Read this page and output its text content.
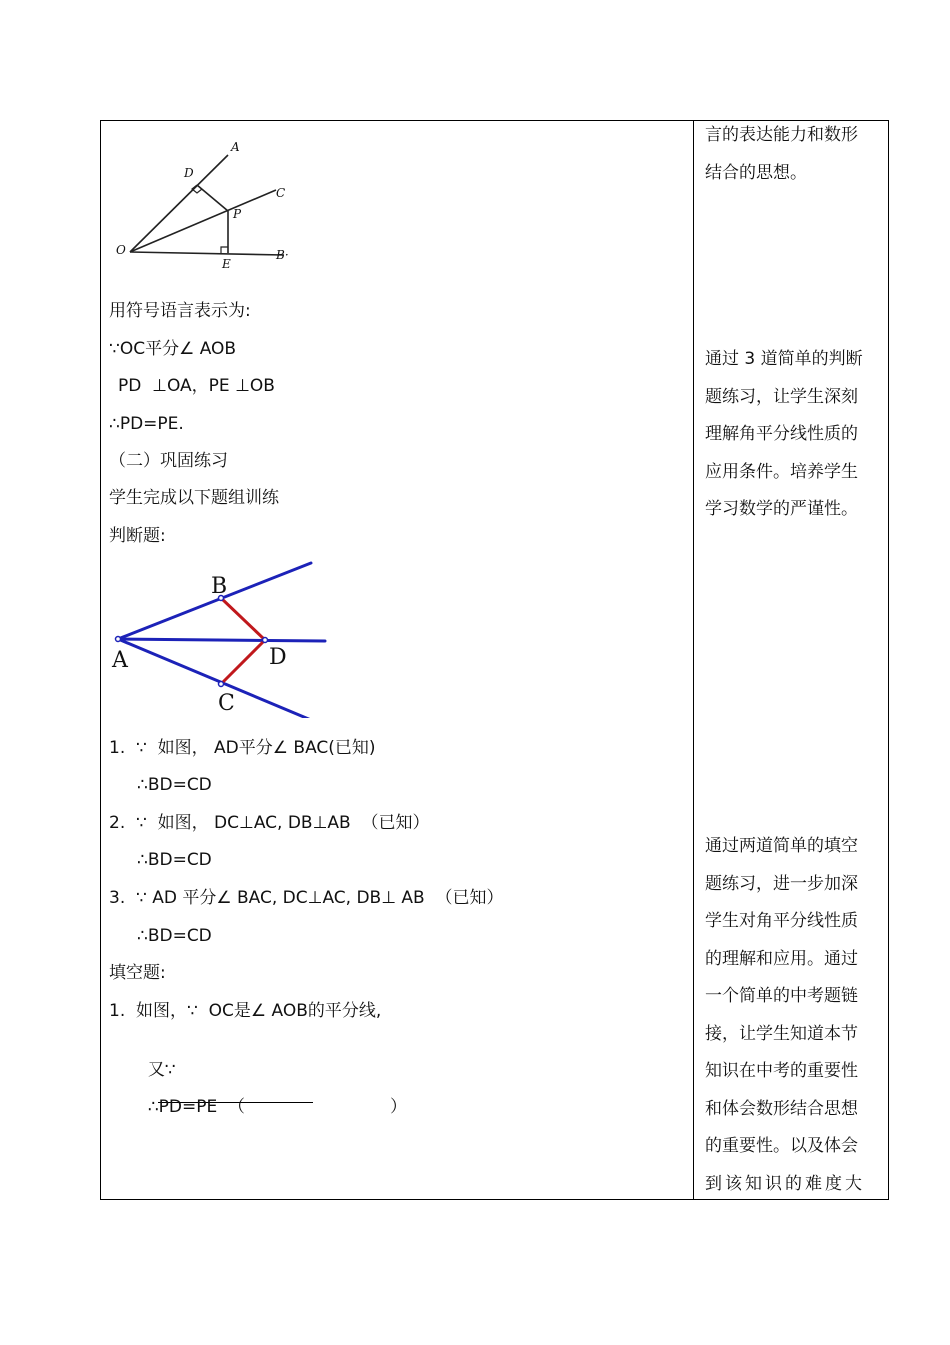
A
C
D
P
O
E
B·
用符号语言表示为:
∵OC平分∠ AOB
PD  ⊥OA，PE ⊥OB
∴PD=PE.
（二）巩固练习
学生完成以下题组训练
判断题:
B
A	D
C
1.  ∵  如图， AD平分∠ BAC(已知)
∴BD=CD
2.  ∵  如图， DC⊥AC, DB⊥AB  （已知）
∴BD=CD
3.  ∵ AD 平分∠ BAC, DC⊥AC, DB⊥ AB  （已知）
∴BD=CD
填空题:
1.  如图，∵  OC是∠ AOB的平分线,

又∵

∴PD=PE  （	）

言的表达能力和数形
结合的思想。
通过 3 道简单的判断
题练习，让学生深刻
理解角平分线性质的
应用条件。培养学生
学习数学的严谨性。
通过两道简单的填空
题练习，进一步加深
学生对角平分线性质
的理解和应用。通过
一个简单的中考题链
接，让学生知道本节
知识在中考的重要性
和体会数形结合思想
的重要性。以及体会
到该知识的难度大
